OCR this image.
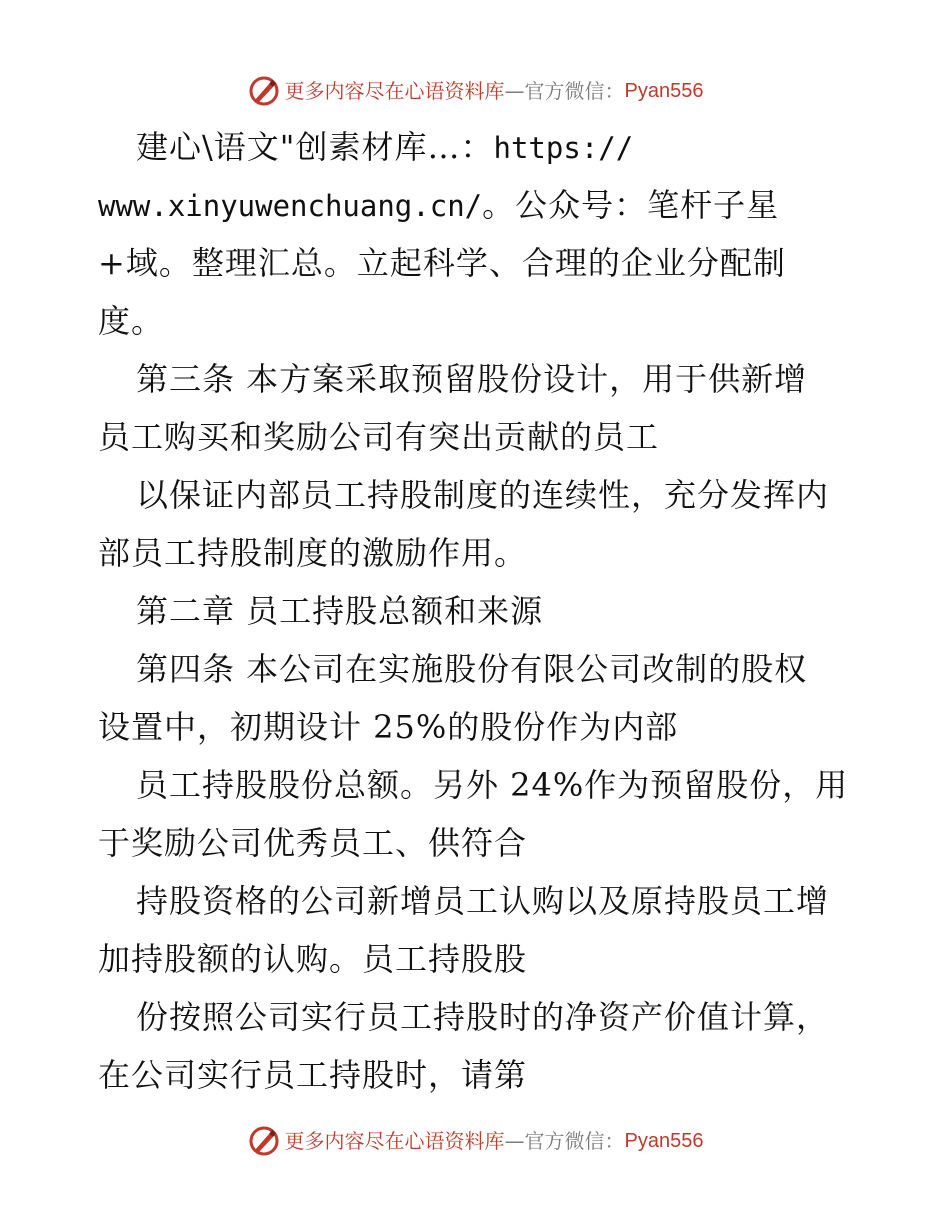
更多内容尽在心语资料库 —官方微信： Pyan556
建心\语文"创素材库…：https://
www.xinyuwenchuang.cn/。公众号：笔杆子星
+域。整理汇总。立起科学、合理的企业分配制
度。
第三条 本方案采取预留股份设计，用于供新增
员工购买和奖励公司有突出贡献的员工
以保证内部员工持股制度的连续性，充分发挥内
部员工持股制度的激励作用。
第二章 员工持股总额和来源
第四条 本公司在实施股份有限公司改制的股权
设置中，初期设计 25%的股份作为内部
员工持股股份总额。另外 24%作为预留股份，用
于奖励公司优秀员工、供符合
持股资格的公司新增员工认购以及原持股员工增
加持股额的认购。员工持股股
份按照公司实行员工持股时的净资产价值计算，
在公司实行员工持股时，请第
更多内容尽在心语资料库 —官方微信： Pyan556
